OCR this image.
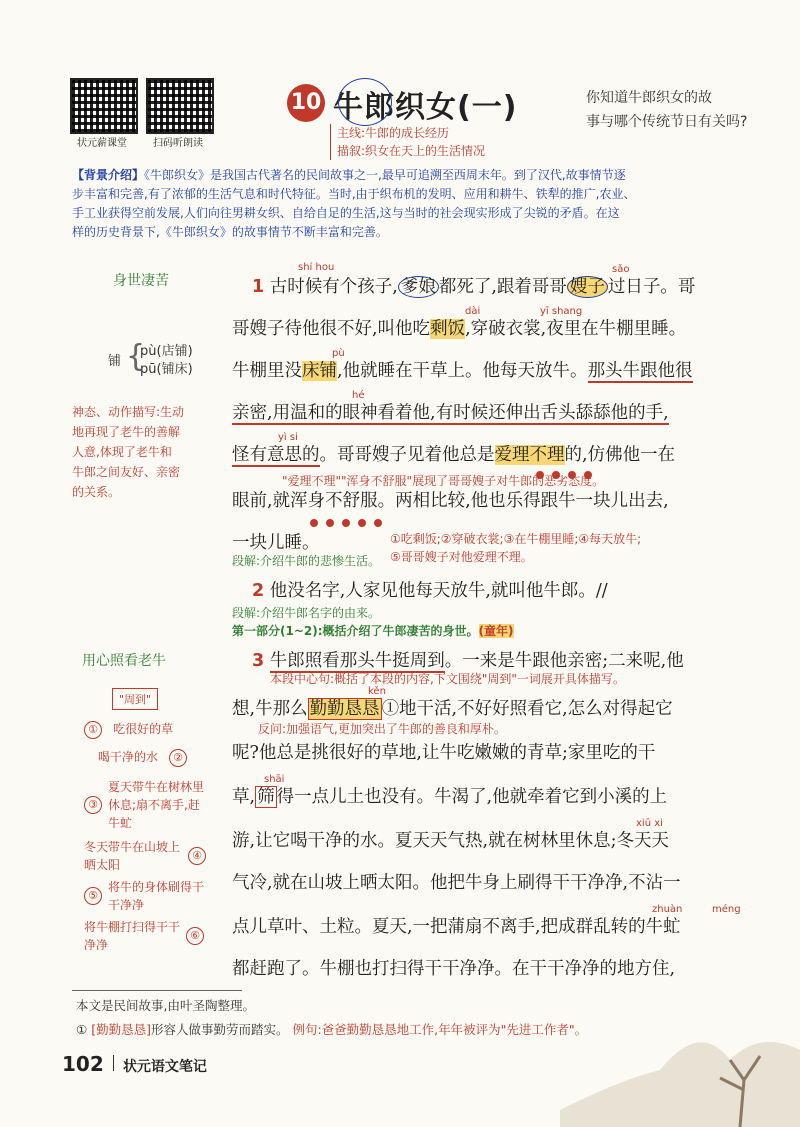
状元薪课堂	扫码听朗读
10 牛郎织女(一)	你知道牛郎织女的故
事与哪个传统节日有关吗?
主线:牛郎的成长经历
描叙:织女在天上的生活情况
【背景介绍】《牛郎织女》是我国古代著名的民间故事之一,最早可追溯至西周末年。到了汉代,故事情节逐
步丰富和完善,有了浓郁的生活气息和时代特征。当时,由于织布机的发明、应用和耕牛、铁犁的推广,农业、
手工业获得空前发展,人们向往男耕女织、自给自足的生活,这与当时的社会现实形成了尖锐的矛盾。在这
样的历史背景下,《牛郎织女》的故事情节不断丰富和完善。
身世凄苦
铺 {
pù(店铺)
pū(铺床)
神态、动作描写:生动
地再现了老牛的善解
人意,体现了老牛和
牛郎之间友好、亲密
的关系。
用心照看老牛
"周到"
① 吃很好的草
喝干净的水 ②
③
夏天带牛在树林里休息;扇不离手,赶牛虻
冬天带牛在山坡上晒太阳
④
⑤
将牛的身体刷得干干净净
将牛棚打扫得干干净净
⑥
shí hou	sǎo
1 古时候有个孩子, 爹娘 都死了,跟着哥哥 嫂子 过日子。哥
dài	yī shang
哥嫂子待他很不好,叫他吃剩饭,穿破衣裳,夜里在牛棚里睡。
pù
牛棚里没床铺,他就睡在干草上。他每天放牛。那头牛跟他很
hé
亲密,用温和的眼神看着他,有时候还伸出舌头舔舔他的手,
yì si
怪有意思的。哥哥嫂子见着他总是爱理不理的,仿佛他一在
"爱理不理""浑身不舒服"展现了哥哥嫂子对牛郎的恶劣态度。
眼前,就浑身不舒服。两相比较,他也乐得跟牛一块儿出去,
一块儿睡。	①吃剩饭;②穿破衣裳;③在牛棚里睡;④每天放牛;
⑤哥哥嫂子对他爱理不理。
段解:介绍牛郎的悲惨生活。
2 他没名字,人家见他每天放牛,就叫他牛郎。//
段解:介绍牛郎名字的由来。
第一部分(1~2):概括介绍了牛郎凄苦的身世。(童年)
3 牛郎照看那头牛挺周到。一来是牛跟他亲密;二来呢,他
本段中心句:概括了本段的内容,下文围绕"周到"一词展开具体描写。
kěn
想,牛那么 勤勤恳恳 ①地干活,不好好照看它,怎么对得起它
反问:加强语气,更加突出了牛郎的善良和厚朴。
呢?他总是挑很好的草地,让牛吃嫩嫩的青草;家里吃的干
shāi
草, 筛 得一点儿土也没有。牛渴了,他就牵着它到小溪的上
xiū xi
游,让它喝干净的水。夏天天气热,就在树林里休息;冬天天
气冷,就在山坡上晒太阳。他把牛身上刷得干干净净,不沾一
zhuàn	méng
点儿草叶、土粒。夏天,一把蒲扇不离手,把成群乱转的牛虻
都赶跑了。牛棚也打扫得干干净净。在干干净净的地方住,
本文是民间故事,由叶圣陶整理。
① [勤勤恳恳]形容人做事勤劳而踏实。 例句:爸爸勤勤恳恳地工作,年年被评为"先进工作者"。
102 状元语文笔记
